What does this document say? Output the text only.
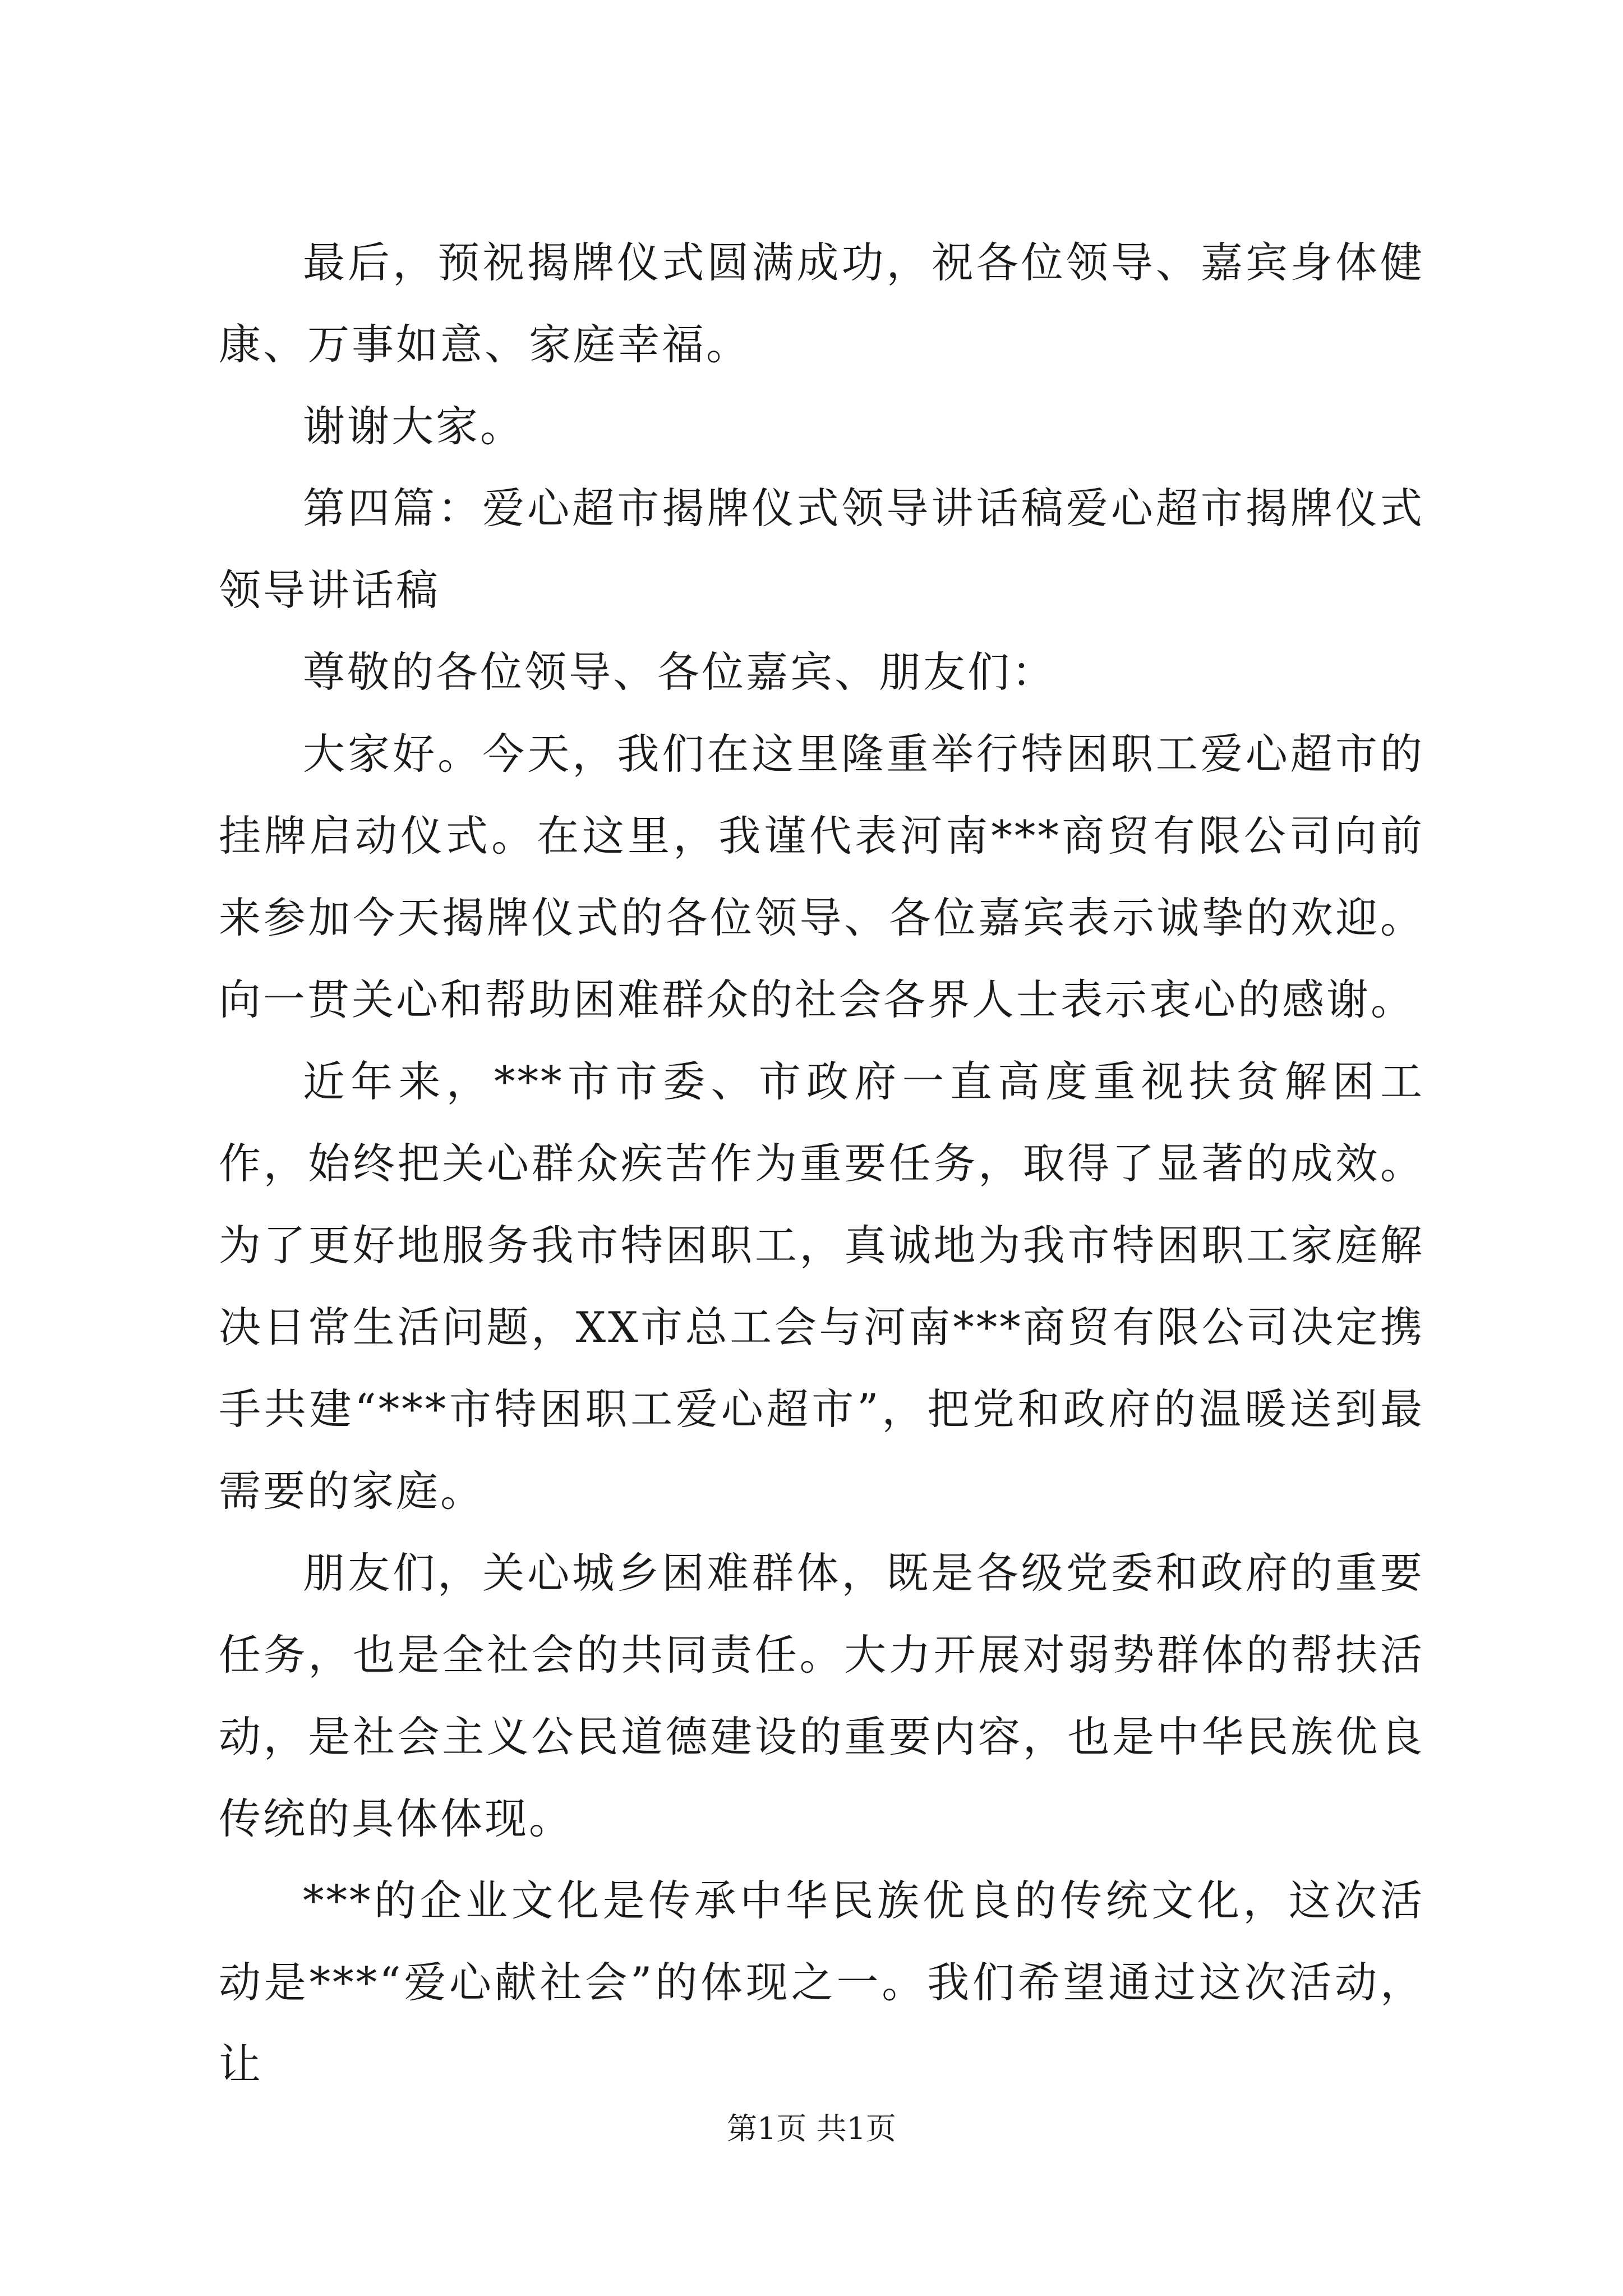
最后，预祝揭牌仪式圆满成功，祝各位领导、嘉宾身体健康、万事如意、家庭幸福。

谢谢大家。

第四篇：爱心超市揭牌仪式领导讲话稿爱心超市揭牌仪式领导讲话稿

尊敬的各位领导、各位嘉宾、朋友们：

大家好。今天，我们在这里隆重举行特困职工爱心超市的挂牌启动仪式。在这里，我谨代表河南***商贸有限公司向前来参加今天揭牌仪式的各位领导、各位嘉宾表示诚挚的欢迎。向一贯关心和帮助困难群众的社会各界人士表示衷心的感谢。

近年来，***市市委、市政府一直高度重视扶贫解困工作，始终把关心群众疾苦作为重要任务，取得了显著的成效。为了更好地服务我市特困职工，真诚地为我市特困职工家庭解决日常生活问题，XX市总工会与河南***商贸有限公司决定携手共建“***市特困职工爱心超市”，把党和政府的温暖送到最需要的家庭。

朋友们，关心城乡困难群体，既是各级党委和政府的重要任务，也是全社会的共同责任。大力开展对弱势群体的帮扶活动，是社会主义公民道德建设的重要内容，也是中华民族优良传统的具体体现。

***的企业文化是传承中华民族优良的传统文化，这次活动是***“爱心献社会”的体现之一。我们希望通过这次活动，让

第1页 共1页
